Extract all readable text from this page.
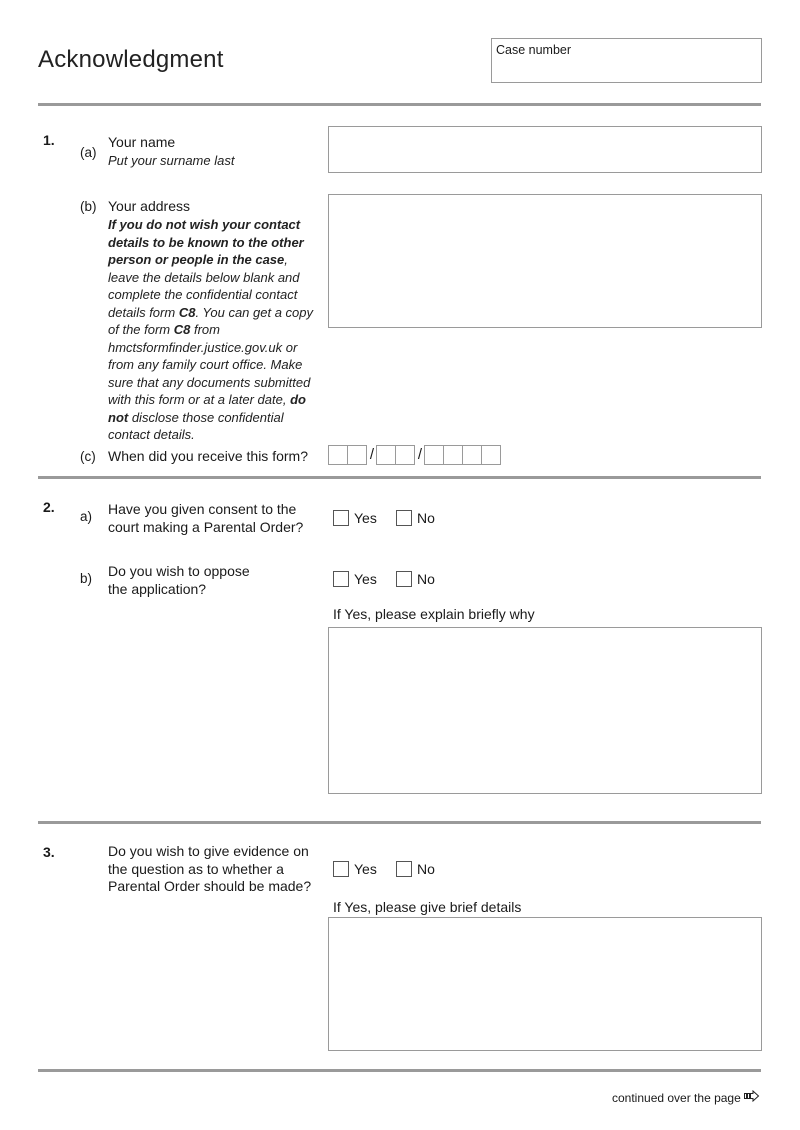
Acknowledgment	Case number
1.
(a)
Your name
Put your surname last
(b) Your address
If you do not wish your contact details to be known to the other person or people in the case, leave the details below blank and complete the confidential contact details form C8. You can get a copy of the form C8 from hmctsformfinder.justice.gov.uk or from any family court office. Make sure that any documents submitted with this form or at a later date, do not disclose those confidential contact details.
(c) When did you receive this form?	/	/
2.
a) Have you given consent to the court making a Parental Order?
Yes	No
b) Do you wish to oppose the application?
Yes	No
If Yes, please explain briefly why
3.	Do you wish to give evidence on the question as to whether a Parental Order should be made?
Yes	No
If Yes, please give brief details
continued over the page
